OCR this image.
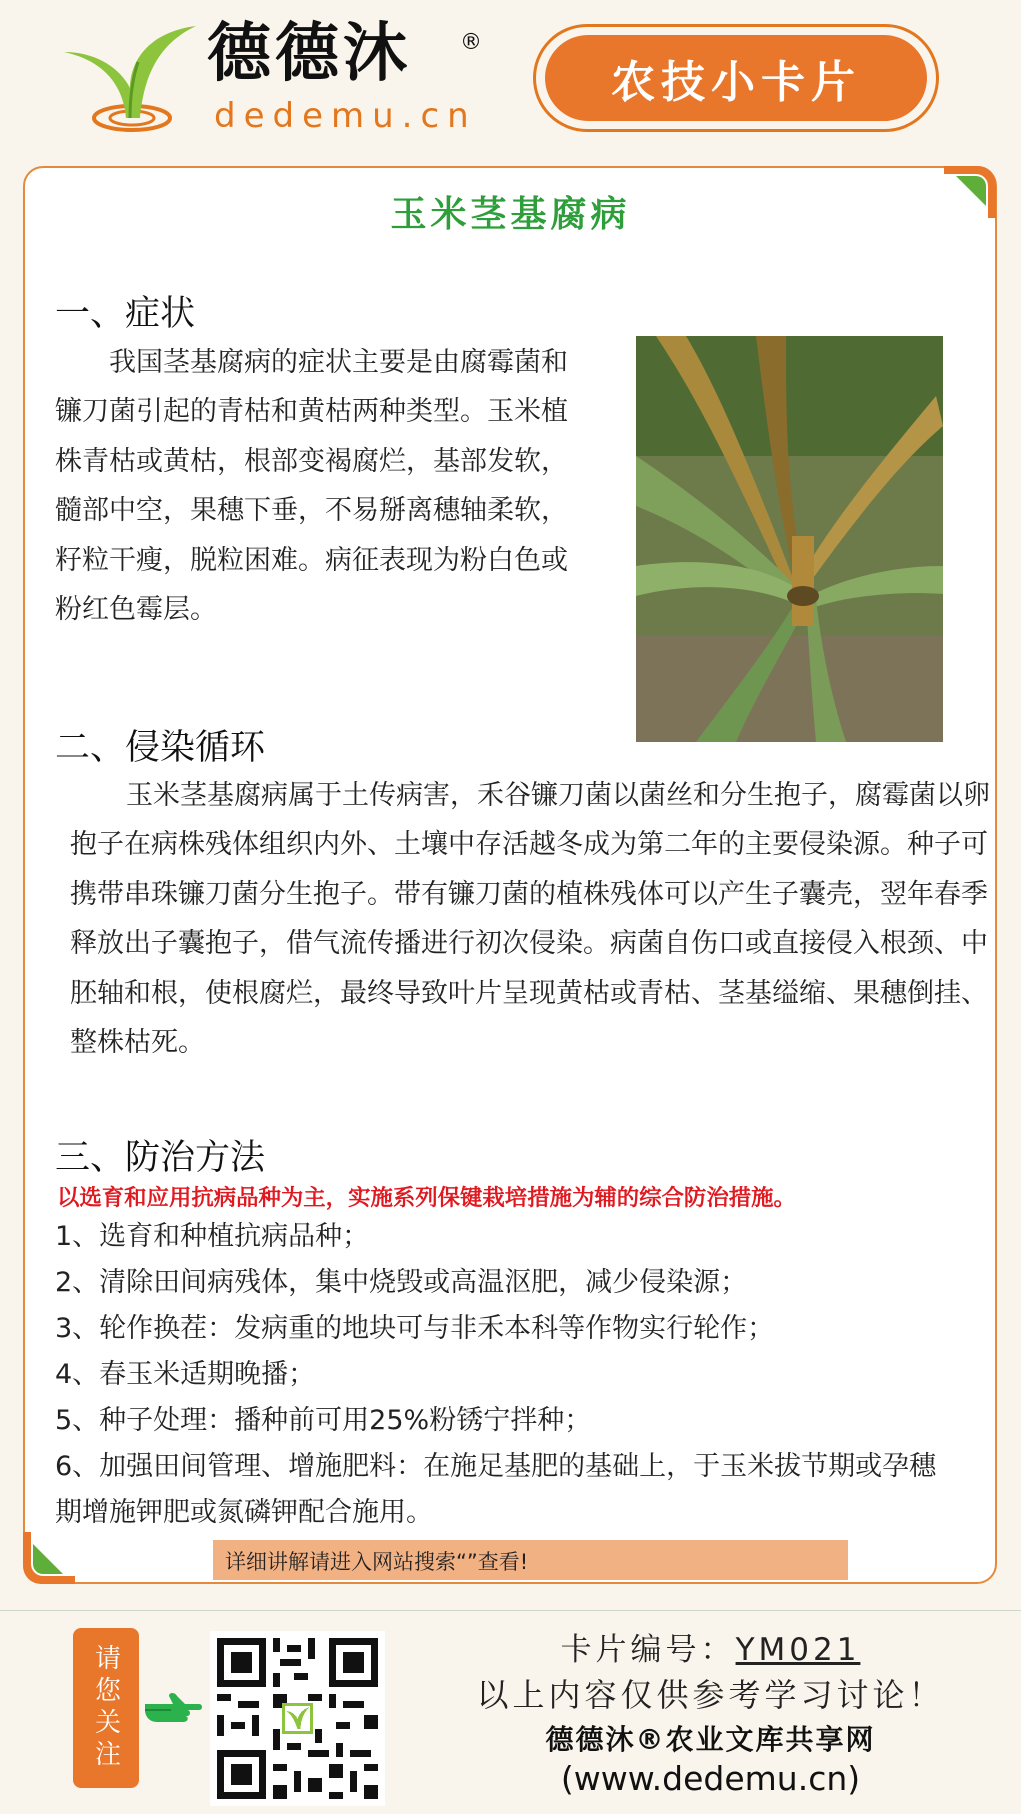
德德沐 ®
dedemu.cn
农技小卡片
玉米茎基腐病
一、症状
我国茎基腐病的症状主要是由腐霉菌和镰刀菌引起的青枯和黄枯两种类型。玉米植株青枯或黄枯，根部变褐腐烂，基部发软，髓部中空，果穗下垂，不易掰离穗轴柔软，籽粒干瘦，脱粒困难。病征表现为粉白色或粉红色霉层。
二、侵染循环
玉米茎基腐病属于土传病害，禾谷镰刀菌以菌丝和分生抱子，腐霉菌以卵抱子在病株残体组织内外、土壤中存活越冬成为第二年的主要侵染源。种子可携带串珠镰刀菌分生抱子。带有镰刀菌的植株残体可以产生子囊壳，翌年春季释放出子囊抱子，借气流传播进行初次侵染。病菌自伤口或直接侵入根颈、中胚轴和根，使根腐烂，最终导致叶片呈现黄枯或青枯、茎基缢缩、果穗倒挂、整株枯死。
三、防治方法
以选育和应用抗病品种为主，实施系列保键栽培措施为辅的综合防治措施。
1、选育和种植抗病品种；
2、清除田间病残体，集中烧毁或高温沤肥，减少侵染源；
3、轮作换茬：发病重的地块可与非禾本科等作物实行轮作；
4、春玉米适期晚播；
5、种子处理：播种前可用25%粉锈宁拌种；
6、加强田间管理、增施肥料：在施足基肥的基础上，于玉米拔节期或孕穗期增施钾肥或氮磷钾配合施用。
详细讲解请进入网站搜索“”查看!
请您关注	卡片编号：YM021
以上内容仅供参考学习讨论！
德德沐®农业文库共享网
(www.dedemu.cn)
